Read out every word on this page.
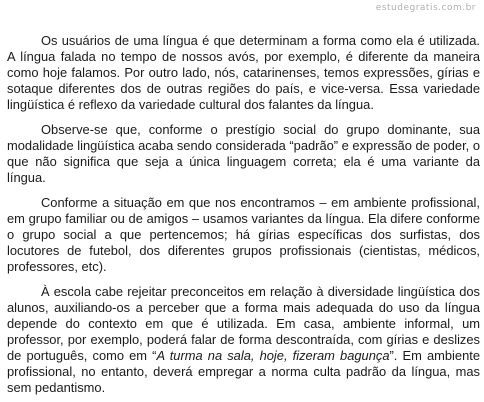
estudegratis.com.br

Os usuários de uma língua é que determinam a forma como ela é utilizada. A língua falada no tempo de nossos avós, por exemplo, é diferente da maneira como hoje falamos. Por outro lado, nós, catarinenses, temos expressões, gírias e sotaque diferentes dos de outras regiões do país, e vice-versa. Essa variedade lingüística é reflexo da variedade cultural dos falantes da língua.

Observe-se que, conforme o prestígio social do grupo dominante, sua modalidade lingüística acaba sendo considerada “padrão” e expressão de poder, o que não significa que seja a única linguagem correta; ela é uma variante da língua.

Conforme a situação em que nos encontramos – em ambiente profissional, em grupo familiar ou de amigos – usamos variantes da língua. Ela difere conforme o grupo social a que pertencemos; há gírias específicas dos surfistas, dos locutores de futebol, dos diferentes grupos profissionais (cientistas, médicos, professores, etc).

À escola cabe rejeitar preconceitos em relação à diversidade lingüística dos alunos, auxiliando-os a perceber que a forma mais adequada do uso da língua depende do contexto em que é utilizada. Em casa, ambiente informal, um professor, por exemplo, poderá falar de forma descontraída, com gírias e deslizes de português, como em “A turma na sala, hoje, fizeram bagunça”. Em ambiente profissional, no entanto, deverá empregar a norma culta padrão da língua, mas sem pedantismo.
